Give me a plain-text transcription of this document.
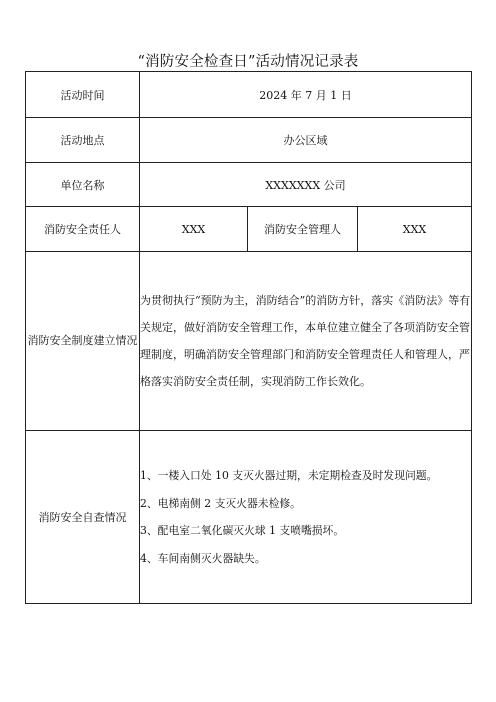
“消防安全检查日”活动情况记录表
活动时间	2024 年 7 月 1 日		
活动地点	办公区域		
单位名称	XXXXXXX 公司		
消防安全责任人	XXX	消防安全管理人	XXX
消防安全制度建立情况	为贯彻执行“预防为主，消防结合”的消防方针，落实《消防法》等有关规定，做好消防安全管理工作，本单位建立健全了各项消防安全管理制度，明确消防安全管理部门和消防安全管理责任人和管理人，严格落实消防安全责任制，实现消防工作长效化。		
消防安全自查情况	1、一楼入口处 10 支灭火器过期，未定期检查及时发现问题。
2、电梯南侧 2 支灭火器未检修。
3、配电室二氧化碳灭火球 1 支喷嘴损坏。
4、车间南侧灭火器缺失。		
